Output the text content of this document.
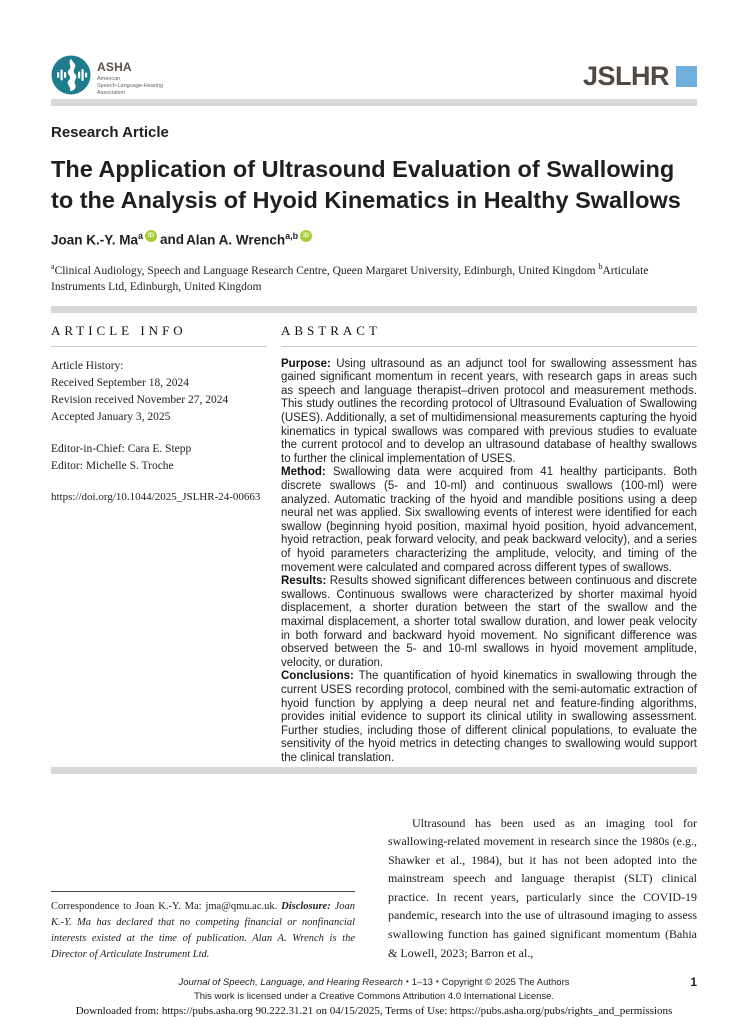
ASHA
American
Speech-Language-Hearing
Association
JSLHR
Research Article
The Application of Ultrasound Evaluation of Swallowing to the Analysis of Hyoid Kinematics in Healthy Swallows
Joan K.-Y. Ma$^a$ iD and Alan A. Wrench$^{a,b}$ iD

$^a$Clinical Audiology, Speech and Language Research Centre, Queen Margaret University, Edinburgh, United Kingdom $^b$Articulate Instruments Ltd, Edinburgh, United Kingdom

ARTICLE INFO

Article History:
Received September 18, 2024
Revision received November 27, 2024
Accepted January 3, 2025

Editor-in-Chief: Cara E. Stepp
Editor: Michelle S. Troche

https://doi.org/10.1044/2025_JSLHR-24-00663
ABSTRACT
Purpose: Using ultrasound as an adjunct tool for swallowing assessment has gained significant momentum in recent years, with research gaps in areas such as speech and language therapist–driven protocol and measurement methods. This study outlines the recording protocol of Ultrasound Evaluation of Swallowing (USES). Additionally, a set of multidimensional measurements capturing the hyoid kinematics in typical swallows was compared with previous studies to evaluate the current protocol and to develop an ultrasound database of healthy swallows to further the clinical implementation of USES.
Method: Swallowing data were acquired from 41 healthy participants. Both discrete swallows (5- and 10-ml) and continuous swallows (100-ml) were analyzed. Automatic tracking of the hyoid and mandible positions using a deep neural net was applied. Six swallowing events of interest were identified for each swallow (beginning hyoid position, maximal hyoid position, hyoid advancement, hyoid retraction, peak forward velocity, and peak backward velocity), and a series of hyoid parameters characterizing the amplitude, velocity, and timing of the movement were calculated and compared across different types of swallows.
Results: Results showed significant differences between continuous and discrete swallows. Continuous swallows were characterized by shorter maximal hyoid displacement, a shorter duration between the start of the swallow and the maximal displacement, a shorter total swallow duration, and lower peak velocity in both forward and backward hyoid movement. No significant difference was observed between the 5- and 10-ml swallows in hyoid movement amplitude, velocity, or duration.
Conclusions: The quantification of hyoid kinematics in swallowing through the current USES recording protocol, combined with the semi-automatic extraction of hyoid function by applying a deep neural net and feature-finding algorithms, provides initial evidence to support its clinical utility in swallowing assessment. Further studies, including those of different clinical populations, to evaluate the sensitivity of the hyoid metrics in detecting changes to swallowing would support the clinical translation.

Correspondence to Joan K.-Y. Ma: jma@qmu.ac.uk. Disclosure: Joan K.-Y. Ma has declared that no competing financial or nonfinancial interests existed at the time of publication. Alan A. Wrench is the Director of Articulate Instrument Ltd.

Ultrasound has been used as an imaging tool for swallowing-related movement in research since the 1980s (e.g., Shawker et al., 1984), but it has not been adopted into the mainstream speech and language therapist (SLT) clinical practice. In recent years, particularly since the COVID-19 pandemic, research into the use of ultrasound imaging to assess swallowing function has gained significant momentum (Bahia & Lowell, 2023; Barron et al.,

Journal of Speech, Language, and Hearing Research • 1–13 • Copyright © 2025 The Authors	1
This work is licensed under a Creative Commons Attribution 4.0 International License.
Downloaded from: https://pubs.asha.org 90.222.31.21 on 04/15/2025, Terms of Use: https://pubs.asha.org/pubs/rights_and_permissions
